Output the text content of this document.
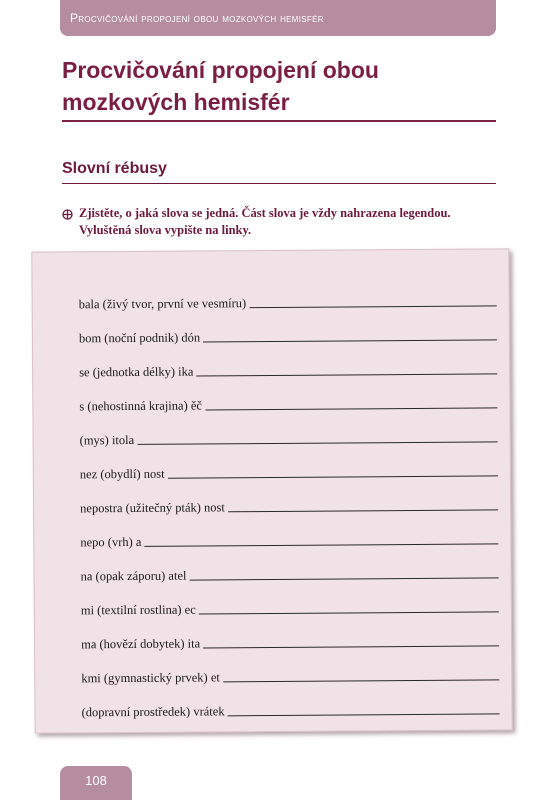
Procvičování propojení obou mozkových hemisfér
Procvičování propojení obou mozkových hemisfér
Slovní rébusy
Zjistěte, o jaká slova se jedná. Část slova je vždy nahrazena legendou. Vyluštěná slova vypište na linky.
bala (živý tvor, první ve vesmíru)
bom (noční podnik) dón
se (jednotka délky) ika
s (nehostinná krajina) ěč
(mys) itola
nez (obydlí) nost
nepostra (užitečný pták) nost
nepo (vrh) a
na (opak záporu) atel
mi (textilní rostlina) ec
ma (hovězí dobytek) ita
kmi (gymnastický prvek) et
(dopravní prostředek) vrátek
108
